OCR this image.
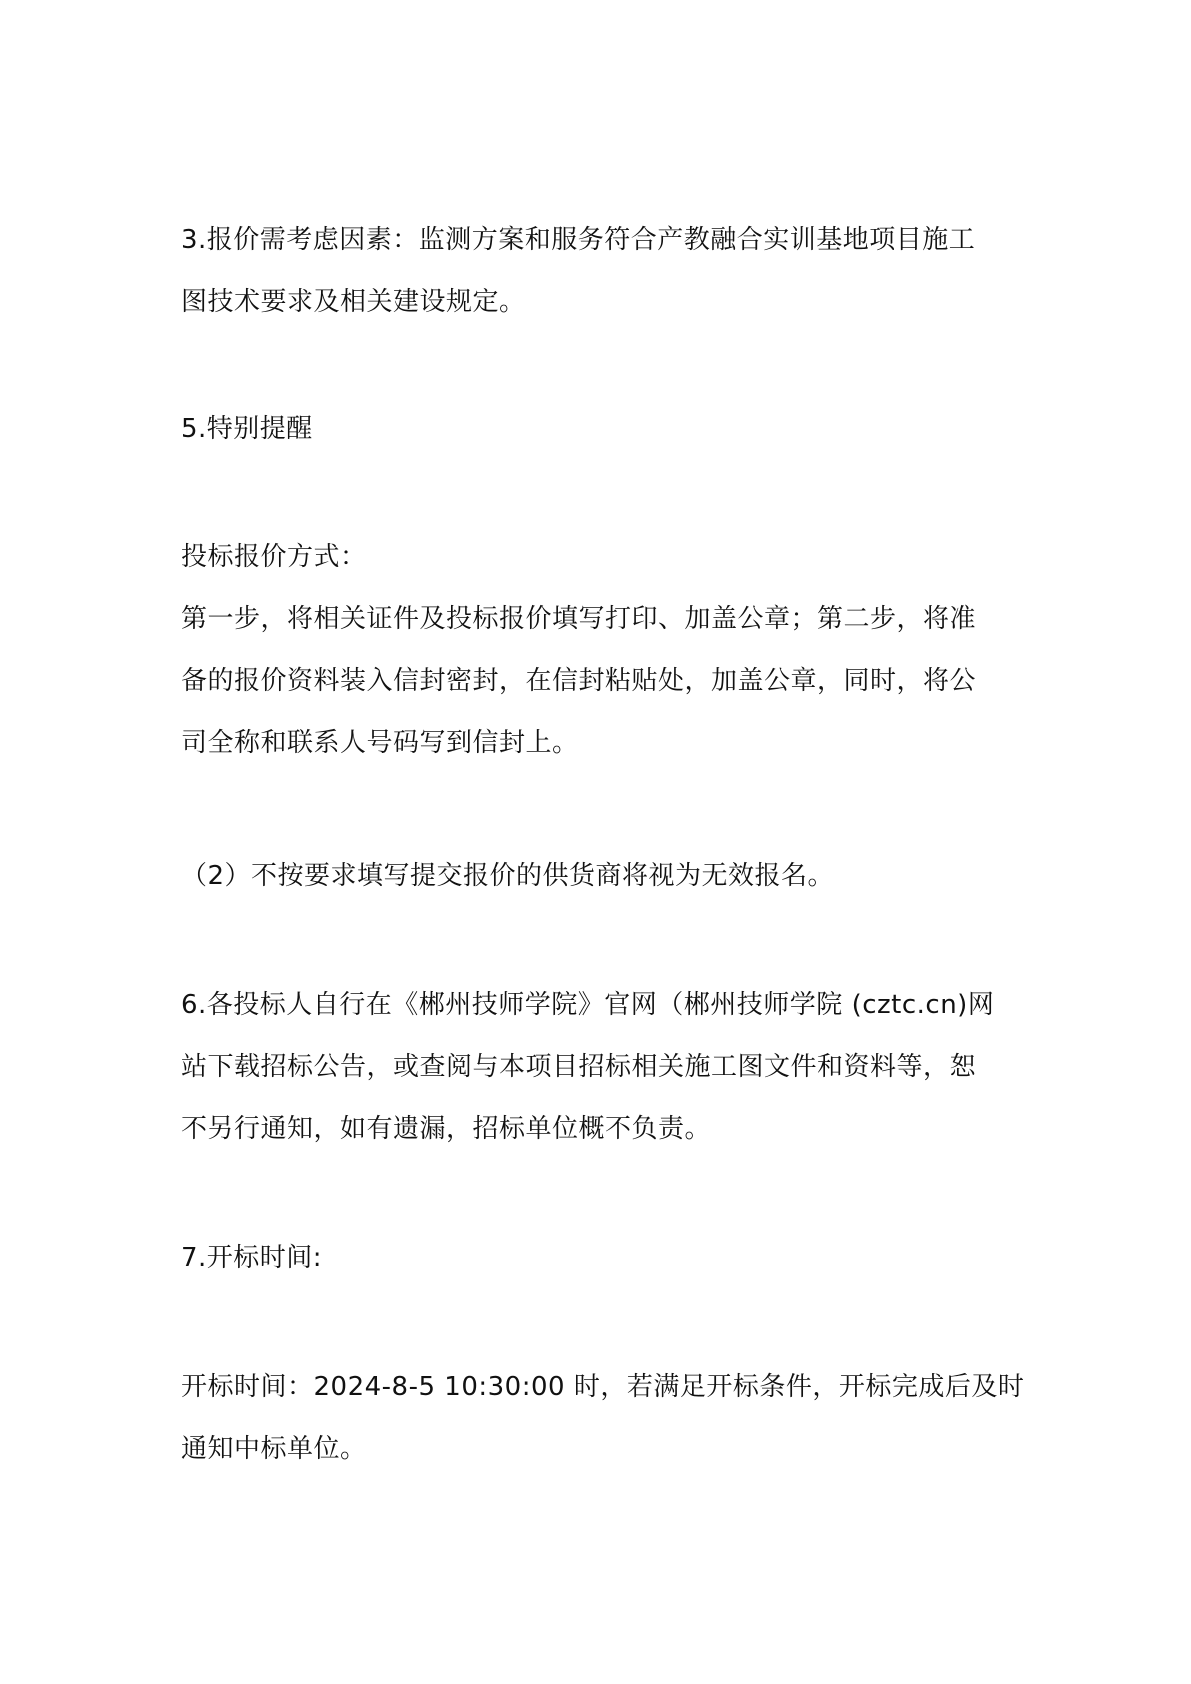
3.报价需考虑因素：监测方案和服务符合产教融合实训基地项目施工
图技术要求及相关建设规定。
5.特别提醒
投标报价方式：
第一步，将相关证件及投标报价填写打印、加盖公章；第二步，将准
备的报价资料装入信封密封，在信封粘贴处，加盖公章，同时，将公
司全称和联系人号码写到信封上。
（2）不按要求填写提交报价的供货商将视为无效报名。
6.各投标人自行在《郴州技师学院》官网（郴州技师学院 (cztc.cn)网
站下载招标公告，或查阅与本项目招标相关施工图文件和资料等，恕
不另行通知，如有遗漏，招标单位概不负责。
7.开标时间:
开标时间：2024-8-5 10:30:00 时，若满足开标条件，开标完成后及时
通知中标单位。
